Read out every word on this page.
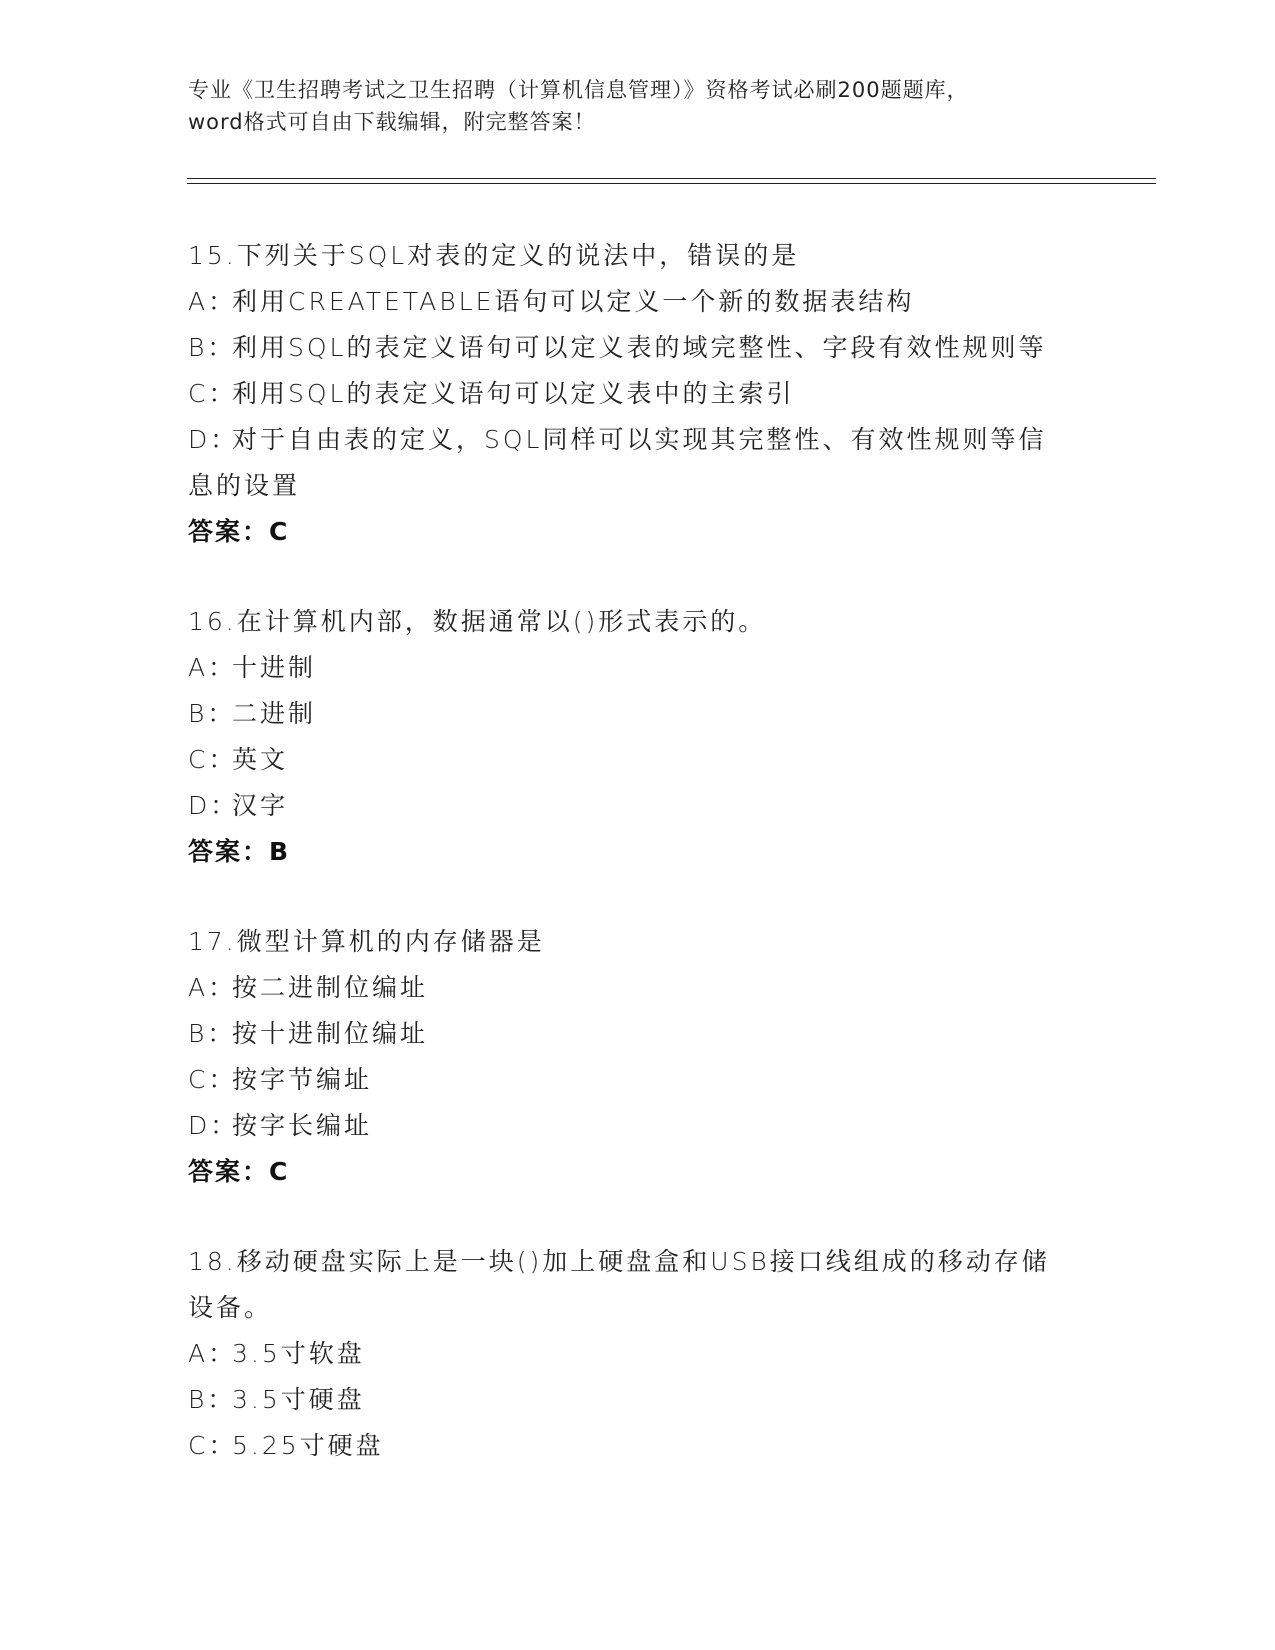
专业《卫生招聘考试之卫生招聘（计算机信息管理）》资格考试必刷200题题库，
word格式可自由下载编辑，附完整答案！
15.下列关于SQL对表的定义的说法中，错误的是
A：利用CREATETABLE语句可以定义一个新的数据表结构
B：利用SQL的表定义语句可以定义表的域完整性、字段有效性规则等
C：利用SQL的表定义语句可以定义表中的主索引
D：对于自由表的定义，SQL同样可以实现其完整性、有效性规则等信
息的设置
答案：C
16.在计算机内部，数据通常以()形式表示的。
A：十进制
B：二进制
C：英文
D：汉字
答案：B
17.微型计算机的内存储器是
A：按二进制位编址
B：按十进制位编址
C：按字节编址
D：按字长编址
答案：C
18.移动硬盘实际上是一块()加上硬盘盒和USB接口线组成的移动存储
设备。
A：3.5寸软盘
B：3.5寸硬盘
C：5.25寸硬盘
